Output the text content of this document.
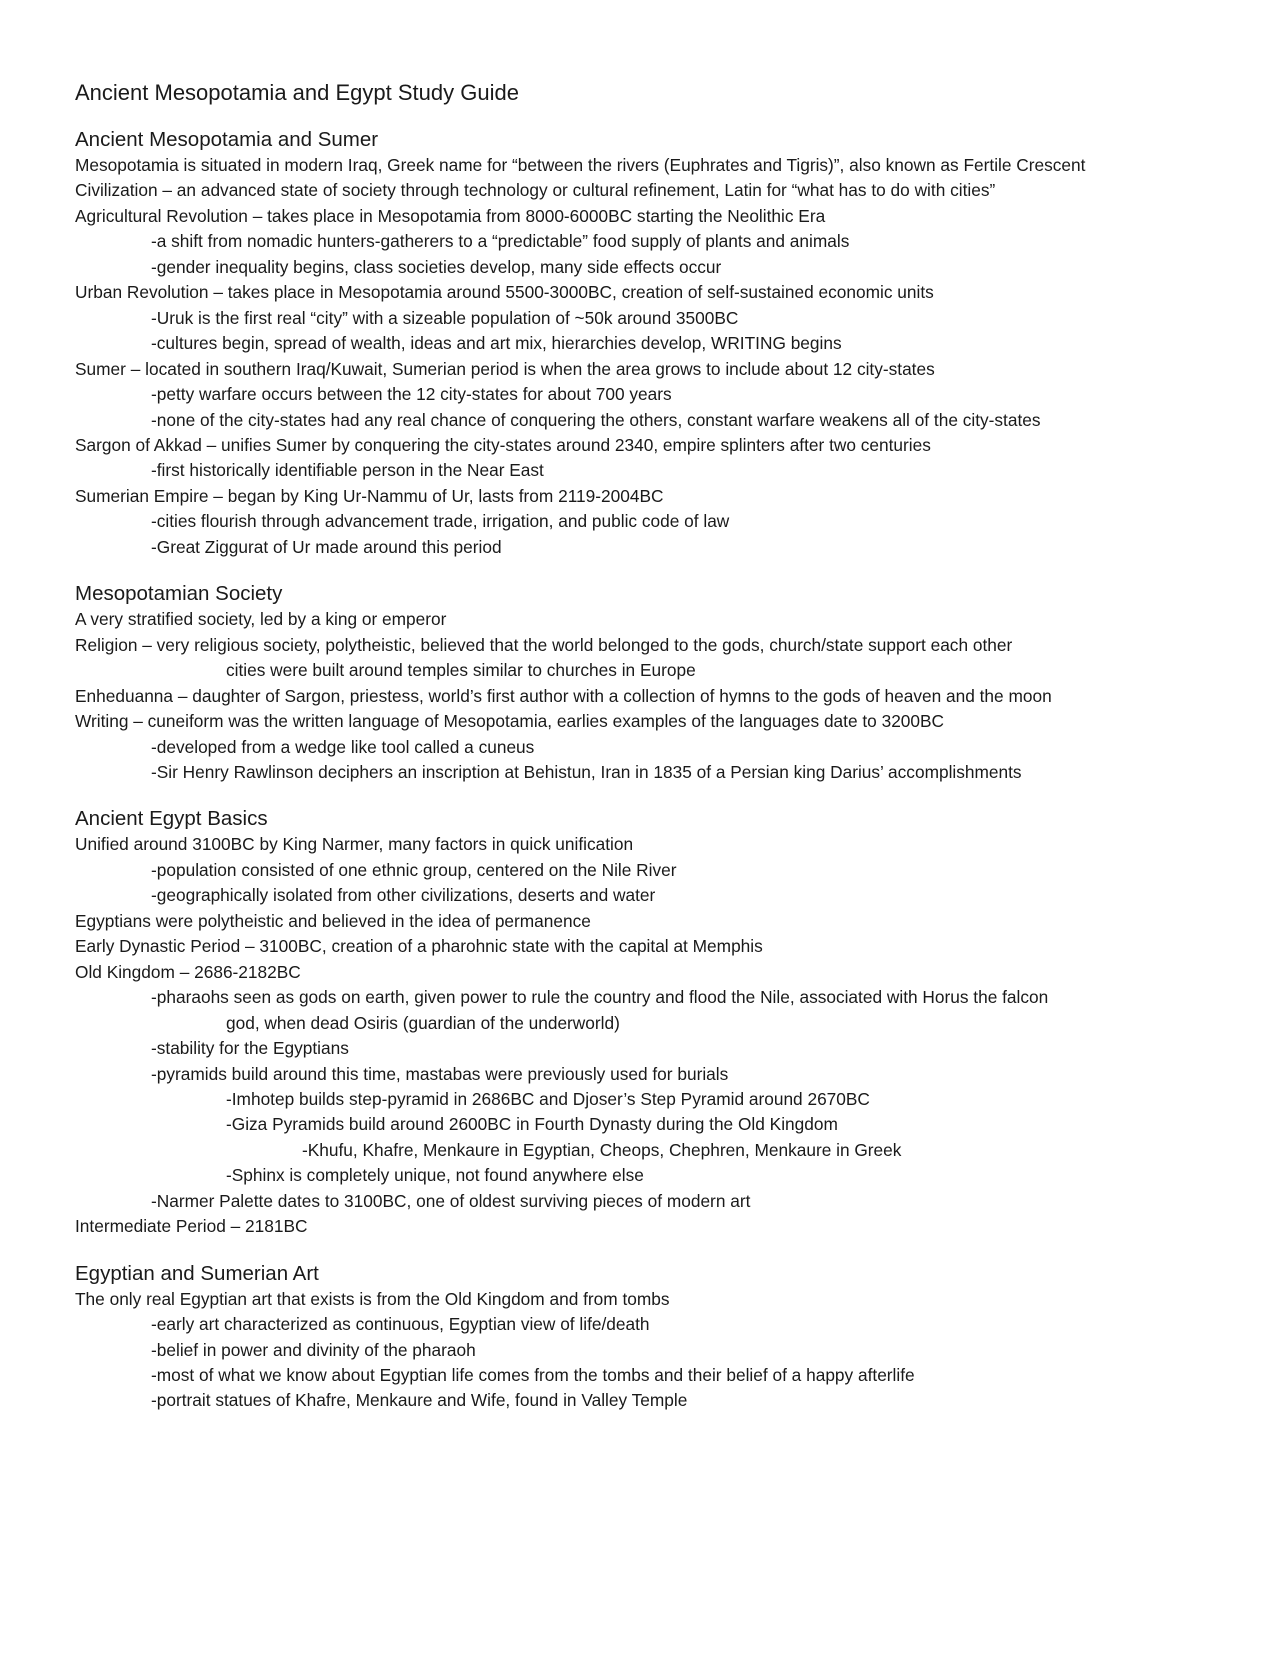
Ancient Mesopotamia and Egypt Study Guide
Ancient Mesopotamia and Sumer
Mesopotamia is situated in modern Iraq, Greek name for “between the rivers (Euphrates and Tigris)”, also known as Fertile Crescent
Civilization – an advanced state of society through technology or cultural refinement, Latin for “what has to do with cities”
Agricultural Revolution – takes place in Mesopotamia from 8000-6000BC starting the Neolithic Era
-a shift from nomadic hunters-gatherers to a “predictable” food supply of plants and animals
-gender inequality begins, class societies develop, many side effects occur
Urban Revolution – takes place in Mesopotamia around 5500-3000BC, creation of self-sustained economic units
-Uruk is the first real “city” with a sizeable population of ~50k around 3500BC
-cultures begin, spread of wealth, ideas and art mix, hierarchies develop, WRITING begins
Sumer – located in southern Iraq/Kuwait, Sumerian period is when the area grows to include about 12 city-states
-petty warfare occurs between the 12 city-states for about 700 years
-none of the city-states had any real chance of conquering the others, constant warfare weakens all of the city-states
Sargon of Akkad – unifies Sumer by conquering the city-states around 2340, empire splinters after two centuries
-first historically identifiable person in the Near East
Sumerian Empire – began by King Ur-Nammu of Ur, lasts from 2119-2004BC
-cities flourish through advancement trade, irrigation, and public code of law
-Great Ziggurat of Ur made around this period
Mesopotamian Society
A very stratified society, led by a king or emperor
Religion – very religious society, polytheistic, believed that the world belonged to the gods, church/state support each other
cities were built around temples similar to churches in Europe
Enheduanna – daughter of Sargon, priestess, world’s first author with a collection of hymns to the gods of heaven and the moon
Writing – cuneiform was the written language of Mesopotamia, earlies examples of the languages date to 3200BC
-developed from a wedge like tool called a cuneus
-Sir Henry Rawlinson deciphers an inscription at Behistun, Iran in 1835 of a Persian king Darius’ accomplishments
Ancient Egypt Basics
Unified around 3100BC by King Narmer, many factors in quick unification
-population consisted of one ethnic group, centered on the Nile River
-geographically isolated from other civilizations, deserts and water
Egyptians were polytheistic and believed in the idea of permanence
Early Dynastic Period – 3100BC, creation of a pharohnic state with the capital at Memphis
Old Kingdom – 2686-2182BC
-pharaohs seen as gods on earth, given power to rule the country and flood the Nile, associated with Horus the falcon
god, when dead Osiris (guardian of the underworld)
-stability for the Egyptians
-pyramids build around this time, mastabas were previously used for burials
-Imhotep builds step-pyramid in 2686BC and Djoser’s Step Pyramid around 2670BC
-Giza Pyramids build around 2600BC in Fourth Dynasty during the Old Kingdom
-Khufu, Khafre, Menkaure in Egyptian, Cheops, Chephren, Menkaure in Greek
-Sphinx is completely unique, not found anywhere else
-Narmer Palette dates to 3100BC, one of oldest surviving pieces of modern art
Intermediate Period – 2181BC
Egyptian and Sumerian Art
The only real Egyptian art that exists is from the Old Kingdom and from tombs
-early art characterized as continuous, Egyptian view of life/death
-belief in power and divinity of the pharaoh
-most of what we know about Egyptian life comes from the tombs and their belief of a happy afterlife
-portrait statues of Khafre, Menkaure and Wife, found in Valley Temple
